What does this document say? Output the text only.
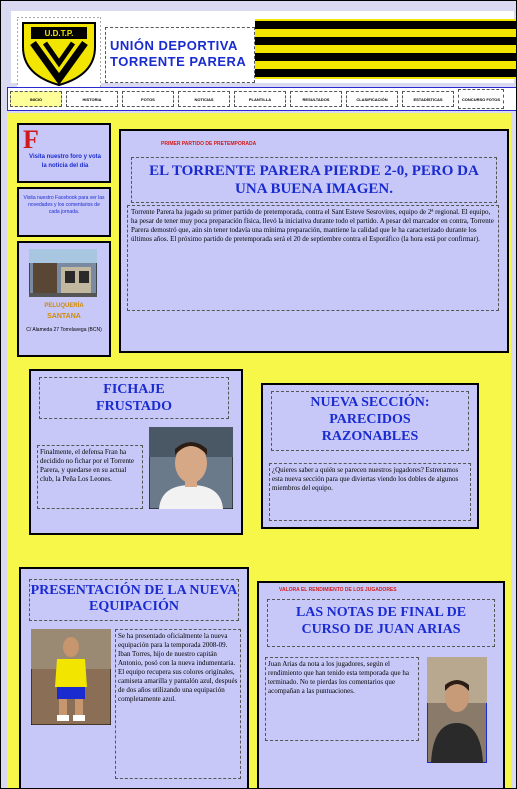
U.D.T.P.
UNIÓN DEPORTIVA
TORRENTE PARERA
INICIO	HISTORIA	FOTOS	NOTICIAS	PLANTILLA	RESULTADOS	CLASIFICACIÓN	ESTADÍSTICAS	CONCURSO FOTOS
F
Visita nuestro foro y vota la noticia del día
Visita nuestro Facebook para ver las novedades y los comentarios de cada jornada.
PELUQUERÍA
SANTANA
C/ Alameda 27 Torrelavega (BCN)
PRIMER PARTIDO DE PRETEMPORADA
EL TORRENTE PARERA PIERDE 2-0, PERO DA UNA BUENA IMAGEN.
Torrente Parera ha jugado su primer partido de pretemporada, contra el Sant Esteve Sesrovires, equipo de 2ª regional. El equipo, ha pesar de tener muy poca preparación física, llevó la iniciativa durante todo el partido. A pesar del marcador en contra, Torrente Parera demostró que, aún sin tener todavía una mínima preparación, mantiene la calidad que le ha caracterizado durante los últimos años. El próximo partido de pretemporada será el 20 de septiembre contra el Esporáfico (la hora está por confirmar).
FICHAJE FRUSTADO
Finalmente, el defensa Fran ha decidido no fichar por el Torrente Parera, y quedarse en su actual club, la Peña Los Leones.
NUEVA SECCIÓN: PARECIDOS RAZONABLES
¿Quieres saber a quién se parecen nuestros jugadores? Estrenamos esta nueva sección para que diviertas viendo los dobles de algunos miembros del equipo.
PRESENTACIÓN DE LA NUEVA EQUIPACIÓN
Se ha presentado oficialmente la nueva equipación para la temporada 2008-09. Iban Torres, hijo de nuestro capitán Antonio, posó con la nueva indumentaria. El equipo recupera sus colores originales, camiseta amarilla y pantalón azul, después de dos años utilizando una equipación completamente azul.
VALORA EL RENDIMIENTO DE LOS JUGADORES
LAS NOTAS DE FINAL DE CURSO DE JUAN ARIAS
Juan Arias da nota a los jugadores, según el rendimiento que han tenido esta temporada que ha terminado. No te pierdas los comentarios que acompañan a las puntuaciones.
